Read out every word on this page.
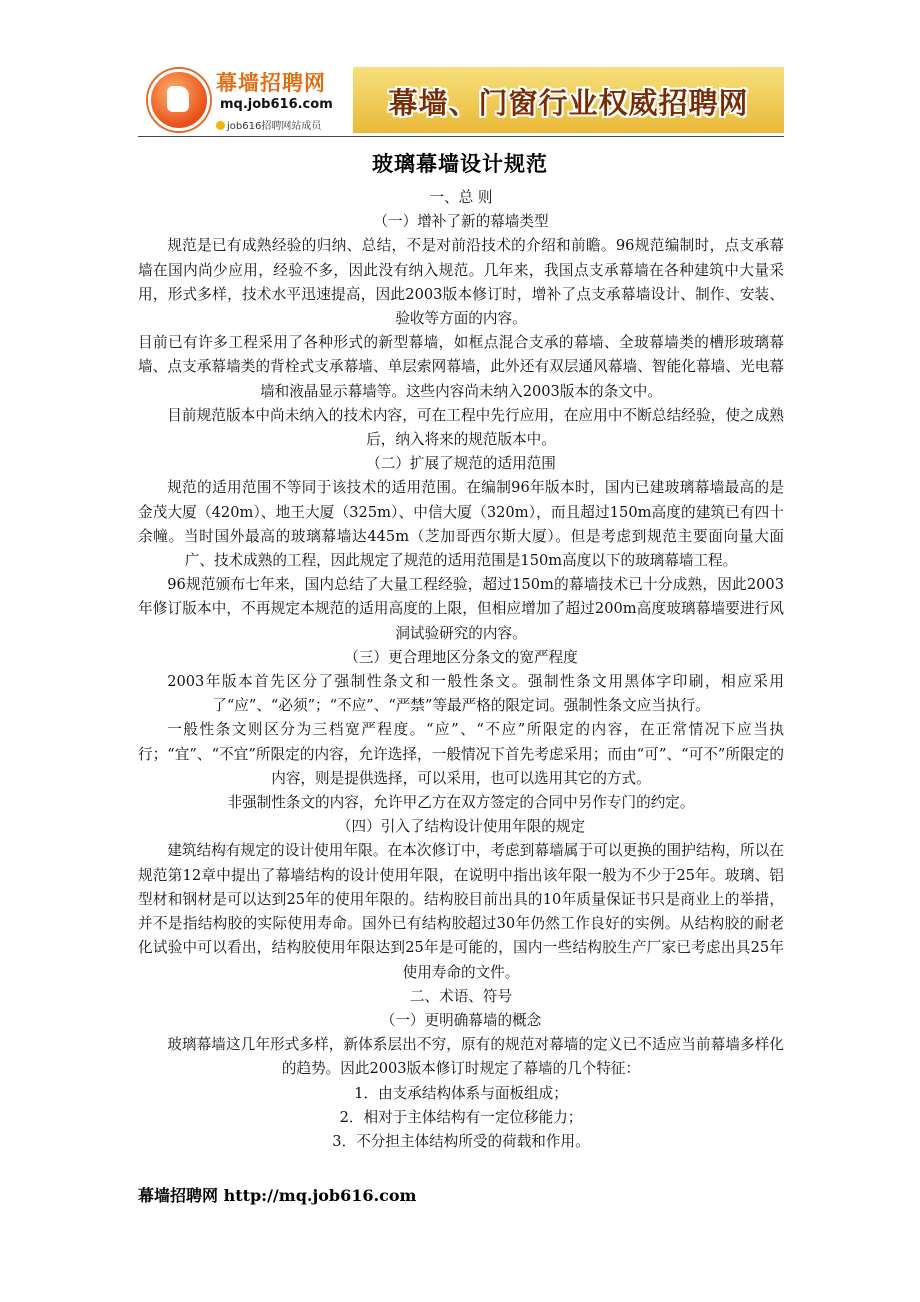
幕墙招聘网
mq.job616.com
job616招聘网站成员
幕墙、门窗行业权威招聘网
玻璃幕墙设计规范

一、总 则

（一）增补了新的幕墙类型

规范是已有成熟经验的归纳、总结，不是对前沿技术的介绍和前瞻。96规范编制时，点支承幕墙在国内尚少应用，经验不多，因此没有纳入规范。几年来，我国点支承幕墙在各种建筑中大量采用，形式多样，技术水平迅速提高，因此2003版本修订时，增补了点支承幕墙设计、制作、安装、验收等方面的内容。

目前已有许多工程采用了各种形式的新型幕墙，如框点混合支承的幕墙、全玻幕墙类的槽形玻璃幕墙、点支承幕墙类的背栓式支承幕墙、单层索网幕墙，此外还有双层通风幕墙、智能化幕墙、光电幕墙和液晶显示幕墙等。这些内容尚未纳入2003版本的条文中。

目前规范版本中尚未纳入的技术内容，可在工程中先行应用，在应用中不断总结经验，使之成熟后，纳入将来的规范版本中。

（二）扩展了规范的适用范围

规范的适用范围不等同于该技术的适用范围。在编制96年版本时，国内已建玻璃幕墙最高的是金茂大厦（420m）、地王大厦（325m）、中信大厦（320m），而且超过150m高度的建筑已有四十余幢。当时国外最高的玻璃幕墙达445m（芝加哥西尔斯大厦）。但是考虑到规范主要面向量大面广、技术成熟的工程，因此规定了规范的适用范围是150m高度以下的玻璃幕墙工程。

96规范颁布七年来，国内总结了大量工程经验，超过150m的幕墙技术已十分成熟，因此2003年修订版本中，不再规定本规范的适用高度的上限，但相应增加了超过200m高度玻璃幕墙要进行风洞试验研究的内容。

（三）更合理地区分条文的宽严程度

2003年版本首先区分了强制性条文和一般性条文。强制性条文用黑体字印刷，相应采用了“应”、“必须”；“不应”、“严禁”等最严格的限定词。强制性条文应当执行。

一般性条文则区分为三档宽严程度。“应”、“不应”所限定的内容，在正常情况下应当执行；“宜”、“不宜”所限定的内容，允许选择，一般情况下首先考虑采用；而由“可”、“可不”所限定的内容，则是提供选择，可以采用，也可以选用其它的方式。

非强制性条文的内容，允许甲乙方在双方签定的合同中另作专门的约定。

（四）引入了结构设计使用年限的规定

建筑结构有规定的设计使用年限。在本次修订中，考虑到幕墙属于可以更换的围护结构，所以在规范第12章中提出了幕墙结构的设计使用年限，在说明中指出该年限一般为不少于25年。玻璃、铝型材和钢材是可以达到25年的使用年限的。结构胶目前出具的10年质量保证书只是商业上的举措，并不是指结构胶的实际使用寿命。国外已有结构胶超过30年仍然工作良好的实例。从结构胶的耐老化试验中可以看出，结构胶使用年限达到25年是可能的，国内一些结构胶生产厂家已考虑出具25年使用寿命的文件。

二、术语、符号

（一）更明确幕墙的概念

玻璃幕墙这几年形式多样，新体系层出不穷，原有的规范对幕墙的定义已不适应当前幕墙多样化的趋势。因此2003版本修订时规定了幕墙的几个特征：

1．由支承结构体系与面板组成；

2．相对于主体结构有一定位移能力；

3．不分担主体结构所受的荷载和作用。

幕墙招聘网 http://mq.job616.com
